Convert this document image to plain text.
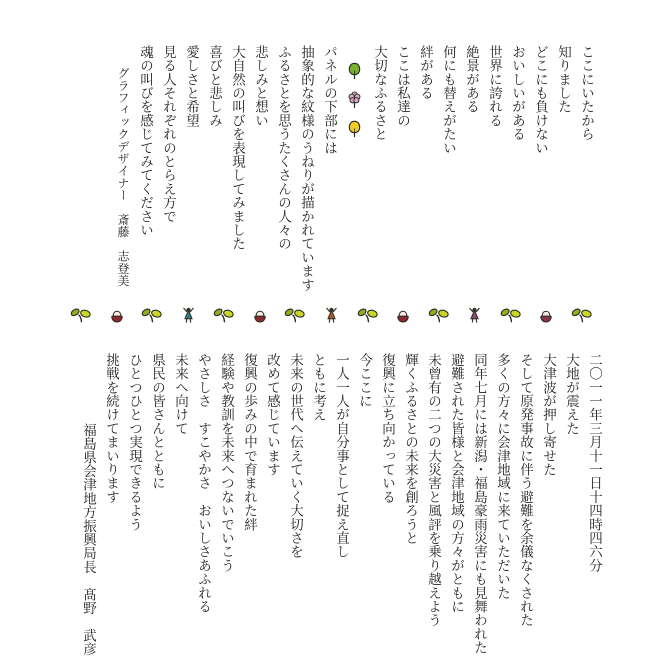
ここにいたから

知りました

どこにも負けない

おいしいがある

世界に誇れる

絶景がある

何にも替えがたい

絆がある

ここは私達の

大切なふるさと

パネルの下部には

抽象的な紋様のうねりが描かれています

ふるさとを思うたくさんの人々の

悲しみと想い

大自然の叫びを表現してみました

喜びと悲しみ

愛しさと希望

見る人それぞれのとらえ方で

魂の叫びを感じてみてください

グラフィックデザイナー　斎藤　志登美

二〇一一年三月十一日十四時四六分

大地が震えた

大津波が押し寄せた

そして原発事故に伴う避難を余儀なくされた

多くの方々に会津地域に来ていただいた

同年七月には新潟・福島豪雨災害にも見舞われた

避難された皆様と会津地域の方々がともに

未曾有の二つの大災害と風評を乗り越えよう

輝くふるさとの未来を創ろうと

復興に立ち向かっている

今ここに

一人一人が自分事として捉え直し

ともに考え

未来の世代へ伝えていく大切さを

改めて感じています

復興の歩みの中で育まれた絆

経験や教訓を未来へつないでいこう

やさしさ　すこやかさ　おいしさあふれる

未来へ向けて

県民の皆さんとともに

ひとつひとつ実現できるよう

挑戦を続けてまいります

福島県会津地方振興局長　髙野　武彦
